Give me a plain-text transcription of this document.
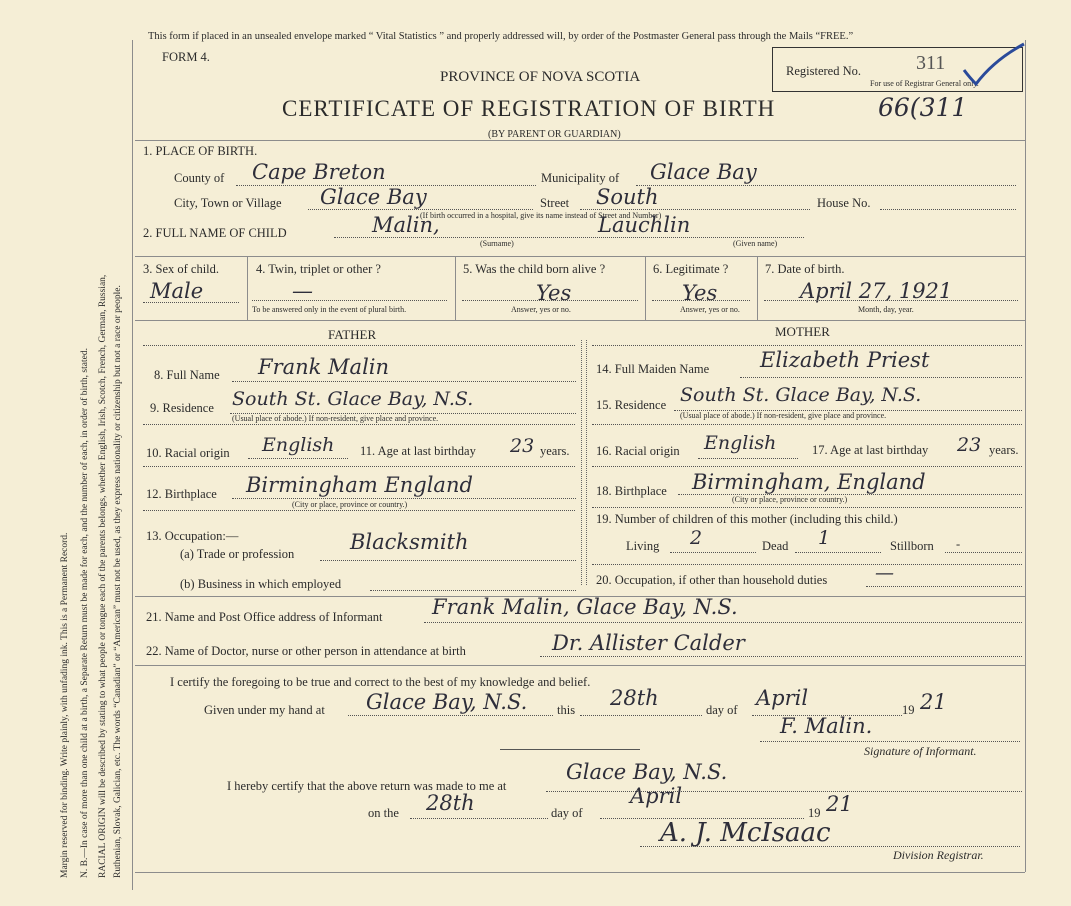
Margin reserved for binding. Write plainly, with unfading ink. This is a Permanent Record. N. B.—In case of more than one child at a birth, a Separate Return must be made for each, and the number of each, in order of birth, stated. RACIAL ORIGIN will be described by stating to what people or tongue each of the parents belongs, whether English, Irish, Scotch, French, German, Russian, Ruthenian, Slovak, Galician, etc. The words “Canadian” or “American” must not be used, as they express nationality or citizenship but not a race or people.
This form if placed in an unsealed envelope marked “ Vital Statistics ” and properly addressed will, by order of the Postmaster General pass through the Mails “FREE.”
FORM 4.
PROVINCE OF NOVA SCOTIA
CERTIFICATE OF REGISTRATION OF BIRTH	66(311
(BY PARENT OR GUARDIAN)
Registered No.	311
For use of Registrar General only.
1. PLACE OF BIRTH.
County of Cape Breton	Municipality of Glace Bay
City, Town or Village Glace Bay	Street South	House No.
(If birth occurred in a hospital, give its name instead of Street and Number)
2. FULL NAME OF CHILD	Malin,	Lauchlin
(Surname)	(Given name)
3. Sex of child.
Male
4. Twin, triplet or other ?
—
To be answered only in the event of plural birth.
5. Was the child born alive ?
Yes
Answer, yes or no.
6. Legitimate ?
Yes
Answer, yes or no.
7. Date of birth.
April 27, 1921
Month, day, year.
FATHER	MOTHER
8. Full Name Frank Malin
9. Residence South St. Glace Bay, N.S.
(Usual place of abode.) If non-resident, give place and province.
10. Racial origin English 11. Age at last birthday 23 years.
12. Birthplace Birmingham England
(City or place, province or country.)
13. Occupation:—
(a) Trade or profession	Blacksmith
(b) Business in which employed
14. Full Maiden Name Elizabeth Priest
15. Residence South St. Glace Bay, N.S.
(Usual place of abode.) If non-resident, give place and province.
16. Racial origin English	17. Age at last birthday 23 years.
18. Birthplace Birmingham, England
(City or place, province or country.)
19. Number of children of this mother (including this child.)
Living 2	Dead 1	Stillborn -
20. Occupation, if other than household duties	—
21. Name and Post Office address of Informant Frank Malin, Glace Bay, N.S.
22. Name of Doctor, nurse or other person in attendance at birth	Dr. Allister Calder
I certify the foregoing to be true and correct to the best of my knowledge and belief.
Given under my hand at Glace Bay, N.S. this 28th	day of April	19 21
F. Malin.
Signature of Informant.
I hereby certify that the above return was made to me at
Glace Bay, N.S.
on the 28th	day of
April
19 21
A. J. McIsaac
Division Registrar.
